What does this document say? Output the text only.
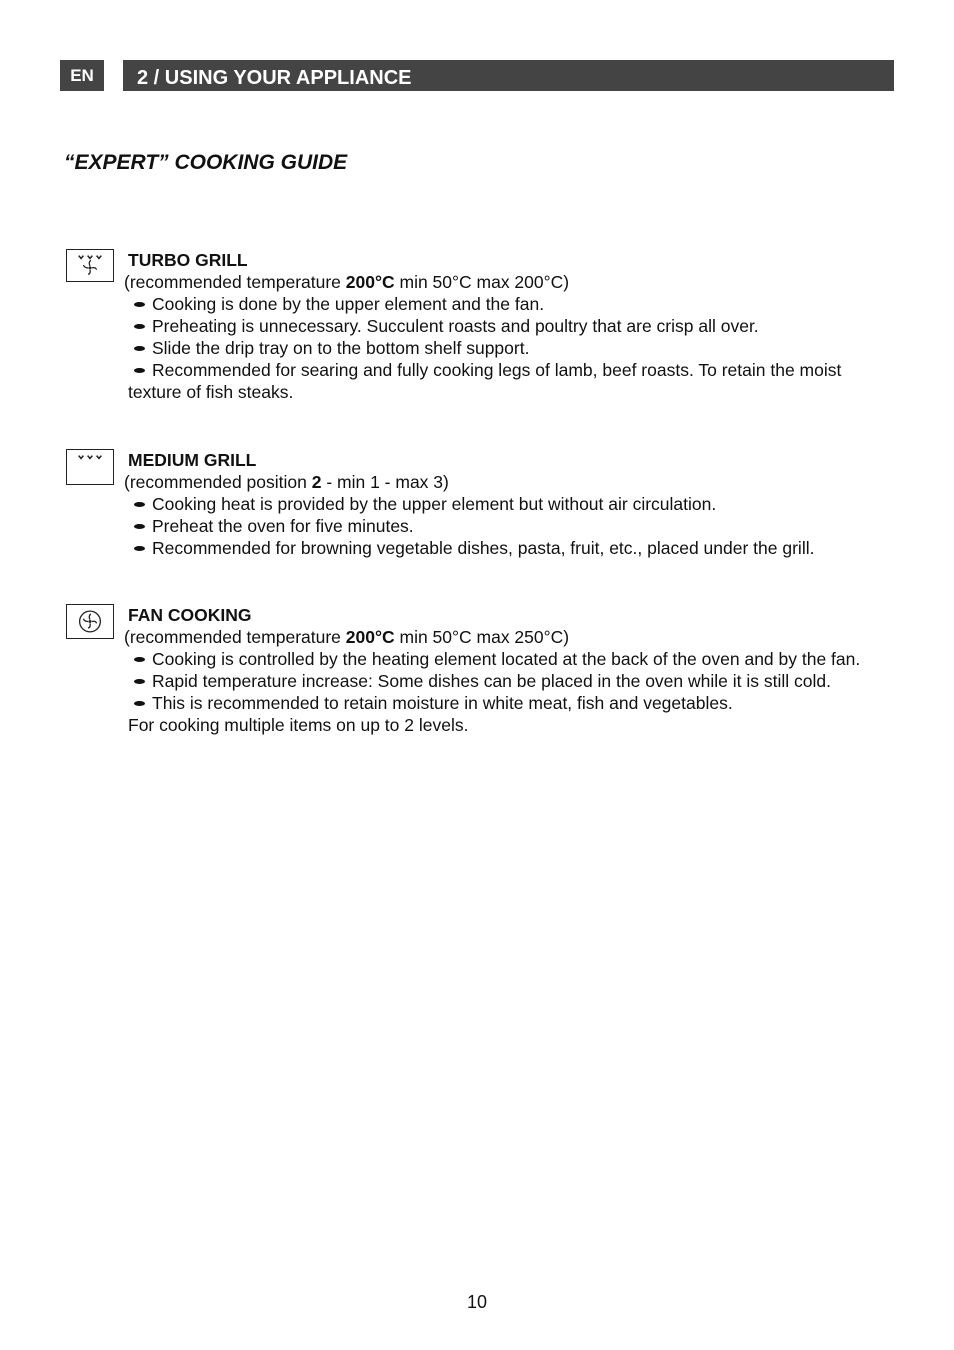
EN	2 / USING YOUR APPLIANCE
“EXPERT” COOKING GUIDE
TURBO GRILL
(recommended temperature 200°C min 50°C max 200°C)
Cooking is done by the upper element and the fan.
Preheating is unnecessary. Succulent roasts and poultry that are crisp all over.
Slide the drip tray on to the bottom shelf support.
Recommended for searing and fully cooking legs of lamb, beef roasts. To retain the moist texture of fish steaks.
MEDIUM GRILL
(recommended position 2 - min 1 - max 3)
Cooking heat is provided by the upper element but without air circulation.
Preheat the oven for five minutes.
Recommended for browning vegetable dishes, pasta, fruit, etc., placed under the grill.
FAN COOKING
(recommended temperature 200°C min 50°C max 250°C)
Cooking is controlled by the heating element located at the back of the oven and by the fan.
Rapid temperature increase: Some dishes can be placed in the oven while it is still cold.
This is recommended to retain moisture in white meat, fish and vegetables.
For cooking multiple items on up to 2 levels.
10
